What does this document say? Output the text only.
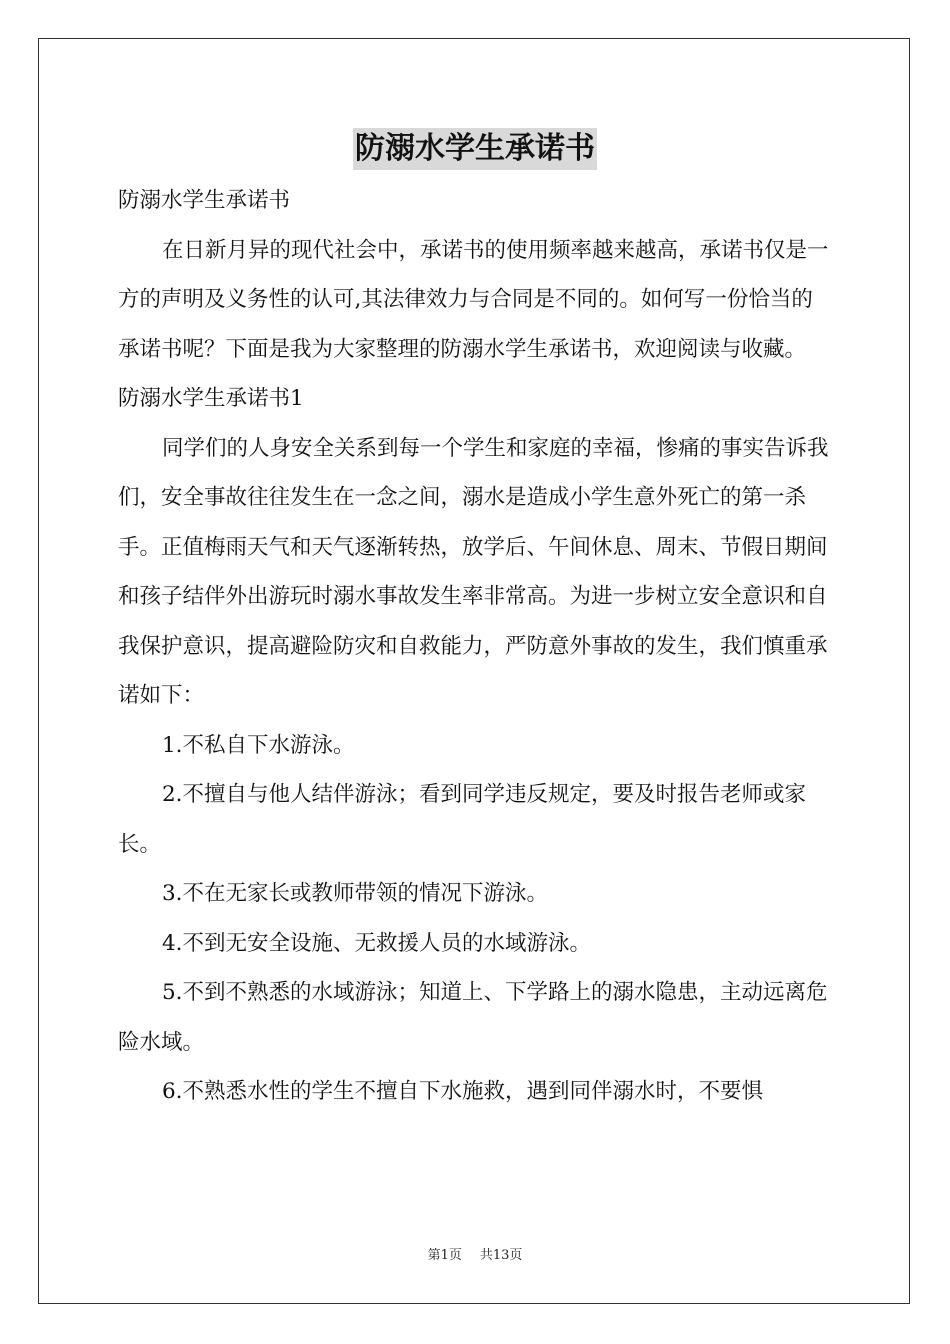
防溺水学生承诺书

防溺水学生承诺书

在日新月异的现代社会中，承诺书的使用频率越来越高，承诺书仅是一方的声明及义务性的认可,其法律效力与合同是不同的。如何写一份恰当的承诺书呢？下面是我为大家整理的防溺水学生承诺书，欢迎阅读与收藏。

防溺水学生承诺书1

同学们的人身安全关系到每一个学生和家庭的幸福，惨痛的事实告诉我们，安全事故往往发生在一念之间，溺水是造成小学生意外死亡的第一杀手。正值梅雨天气和天气逐渐转热，放学后、午间休息、周末、节假日期间和孩子结伴外出游玩时溺水事故发生率非常高。为进一步树立安全意识和自我保护意识，提高避险防灾和自救能力，严防意外事故的发生，我们慎重承诺如下：

1.不私自下水游泳。

2.不擅自与他人结伴游泳；看到同学违反规定，要及时报告老师或家长。

3.不在无家长或教师带领的情况下游泳。

4.不到无安全设施、无救援人员的水域游泳。

5.不到不熟悉的水域游泳；知道上、下学路上的溺水隐患，主动远离危险水域。

6.不熟悉水性的学生不擅自下水施救，遇到同伴溺水时，不要惧

第1页 共13页
